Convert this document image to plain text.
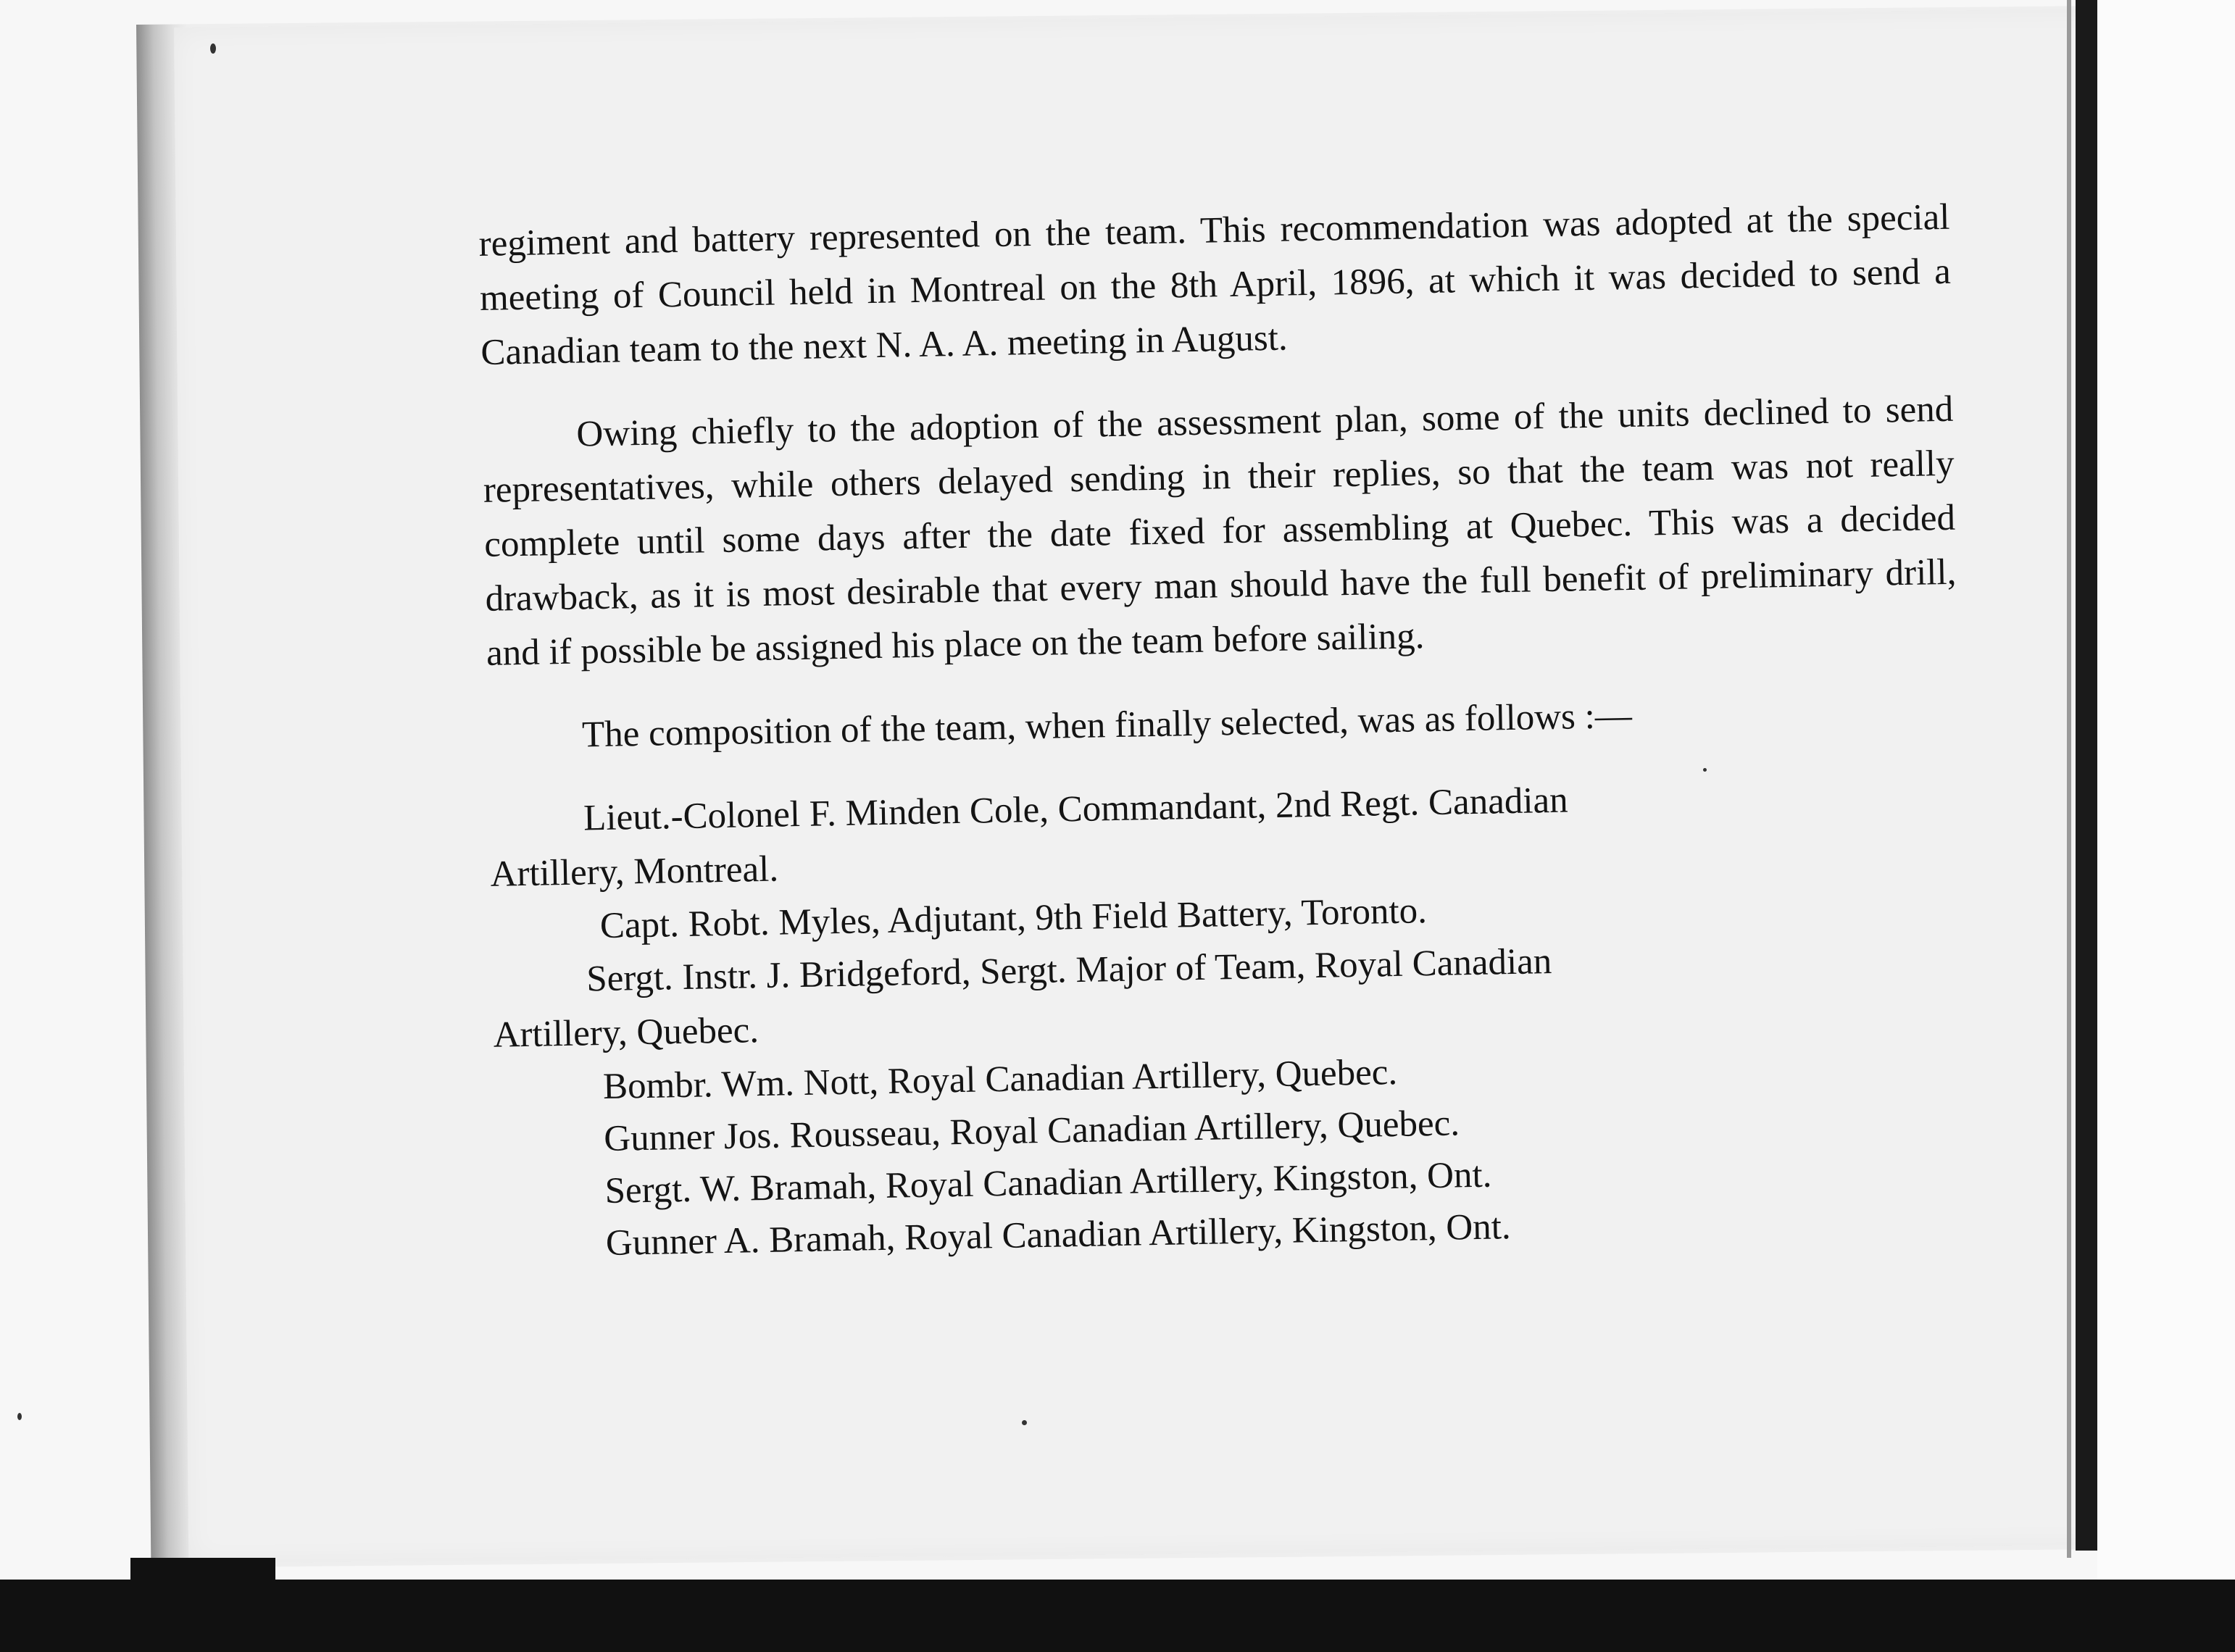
regiment and battery represented on the team. This recommendation was adopted at the special meeting of Council held in Montreal on the 8th April, 1896, at which it was decided to send a Canadian team to the next N. A. A. meeting in August.

Owing chiefly to the adoption of the assessment plan, some of the units declined to send representatives, while others delayed sending in their replies, so that the team was not really complete until some days after the date fixed for assembling at Quebec. This was a decided drawback, as it is most desirable that every man should have the full benefit of preliminary drill, and if possible be assigned his place on the team before sailing.

The composition of the team, when finally selected, was as follows :—

Lieut.-Colonel F. Minden Cole, Commandant, 2nd Regt. Canadian

Artillery, Montreal.

Capt. Robt. Myles, Adjutant, 9th Field Battery, Toronto.

Sergt. Instr. J. Bridgeford, Sergt. Major of Team, Royal Canadian

Artillery, Quebec.

Bombr. Wm. Nott, Royal Canadian Artillery, Quebec.

Gunner Jos. Rousseau, Royal Canadian Artillery, Quebec.

Sergt. W. Bramah, Royal Canadian Artillery, Kingston, Ont.

Gunner A. Bramah, Royal Canadian Artillery, Kingston, Ont.
